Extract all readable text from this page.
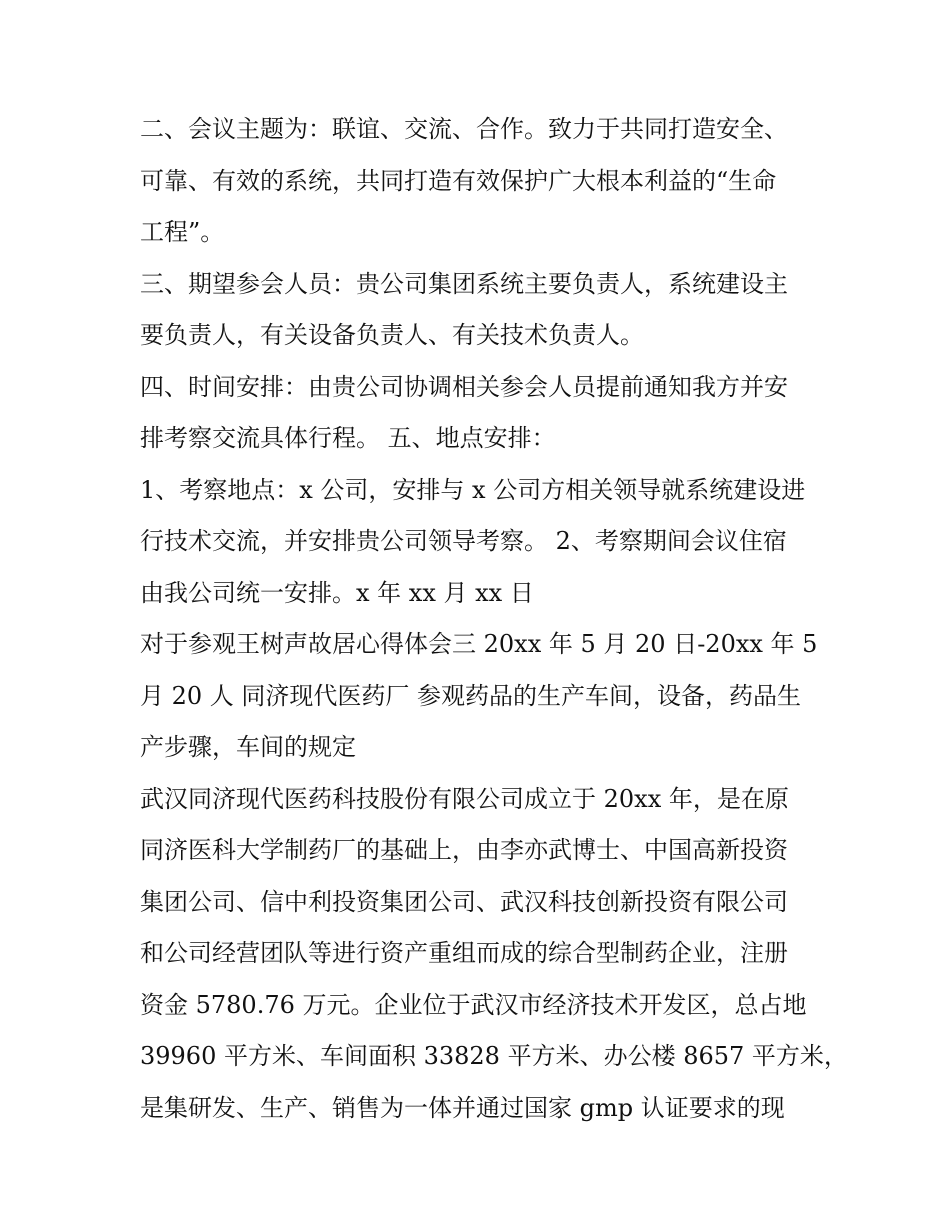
二、会议主题为：联谊、交流、合作。致力于共同打造安全、
可靠、有效的系统，共同打造有效保护广大根本利益的“生命
工程”。
三、期望参会人员：贵公司集团系统主要负责人，系统建设主
要负责人，有关设备负责人、有关技术负责人。
四、时间安排：由贵公司协调相关参会人员提前通知我方并安
排考察交流具体行程。 五、地点安排：
1、考察地点：x 公司，安排与 x 公司方相关领导就系统建设进
行技术交流，并安排贵公司领导考察。 2、考察期间会议住宿
由我公司统一安排。x 年 xx 月 xx 日
对于参观王树声故居心得体会三 20xx 年 5 月 20 日-20xx 年 5
月 20 人 同济现代医药厂 参观药品的生产车间，设备，药品生
产步骤，车间的规定
武汉同济现代医药科技股份有限公司成立于 20xx 年，是在原
同济医科大学制药厂的基础上，由李亦武博士、中国高新投资
集团公司、信中利投资集团公司、武汉科技创新投资有限公司
和公司经营团队等进行资产重组而成的综合型制药企业，注册
资金 5780.76 万元。企业位于武汉市经济技术开发区，总占地
39960 平方米、车间面积 33828 平方米、办公楼 8657 平方米，
是集研发、生产、销售为一体并通过国家 gmp 认证要求的现
